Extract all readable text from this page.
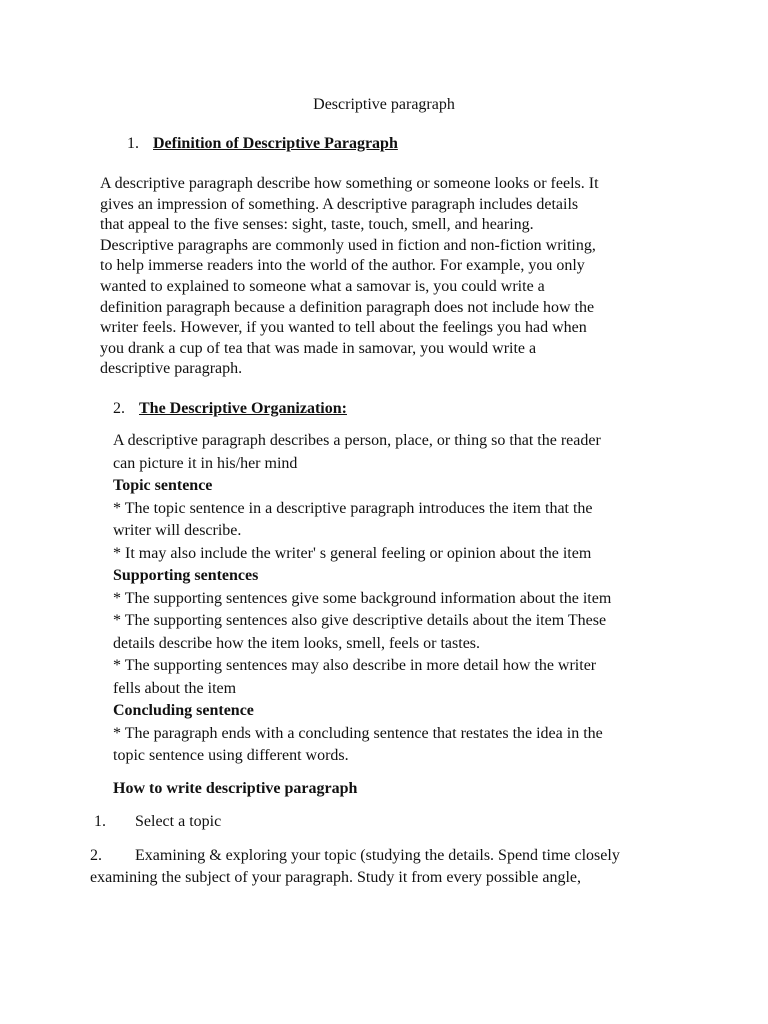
Descriptive paragraph
1. Definition of Descriptive Paragraph
A descriptive paragraph describe how something or someone looks or feels. It
gives an impression of something. A descriptive paragraph includes details
that appeal to the five senses: sight, taste, touch, smell, and hearing.
Descriptive paragraphs are commonly used in fiction and non-fiction writing,
to help immerse readers into the world of the author. For example, you only
wanted to explained to someone what a samovar is, you could write a
definition paragraph because a definition paragraph does not include how the
writer feels. However, if you wanted to tell about the feelings you had when
you drank a cup of tea that was made in samovar, you would write a
descriptive paragraph.
2. The Descriptive Organization:
A descriptive paragraph describes a person, place, or thing so that the reader
can picture it in his/her mind
Topic sentence
* The topic sentence in a descriptive paragraph introduces the item that the
writer will describe.
* It may also include the writer' s general feeling or opinion about the item
Supporting sentences
* The supporting sentences give some background information about the item
* The supporting sentences also give descriptive details about the item These
details describe how the item looks, smell, feels or tastes.
* The supporting sentences may also describe in more detail how the writer
fells about the item
Concluding sentence
* The paragraph ends with a concluding sentence that restates the idea in the
topic sentence using different words.
How to write descriptive paragraph
1. Select a topic
2. Examining & exploring your topic (studying the details. Spend time closely
examining the subject of your paragraph. Study it from every possible angle,
